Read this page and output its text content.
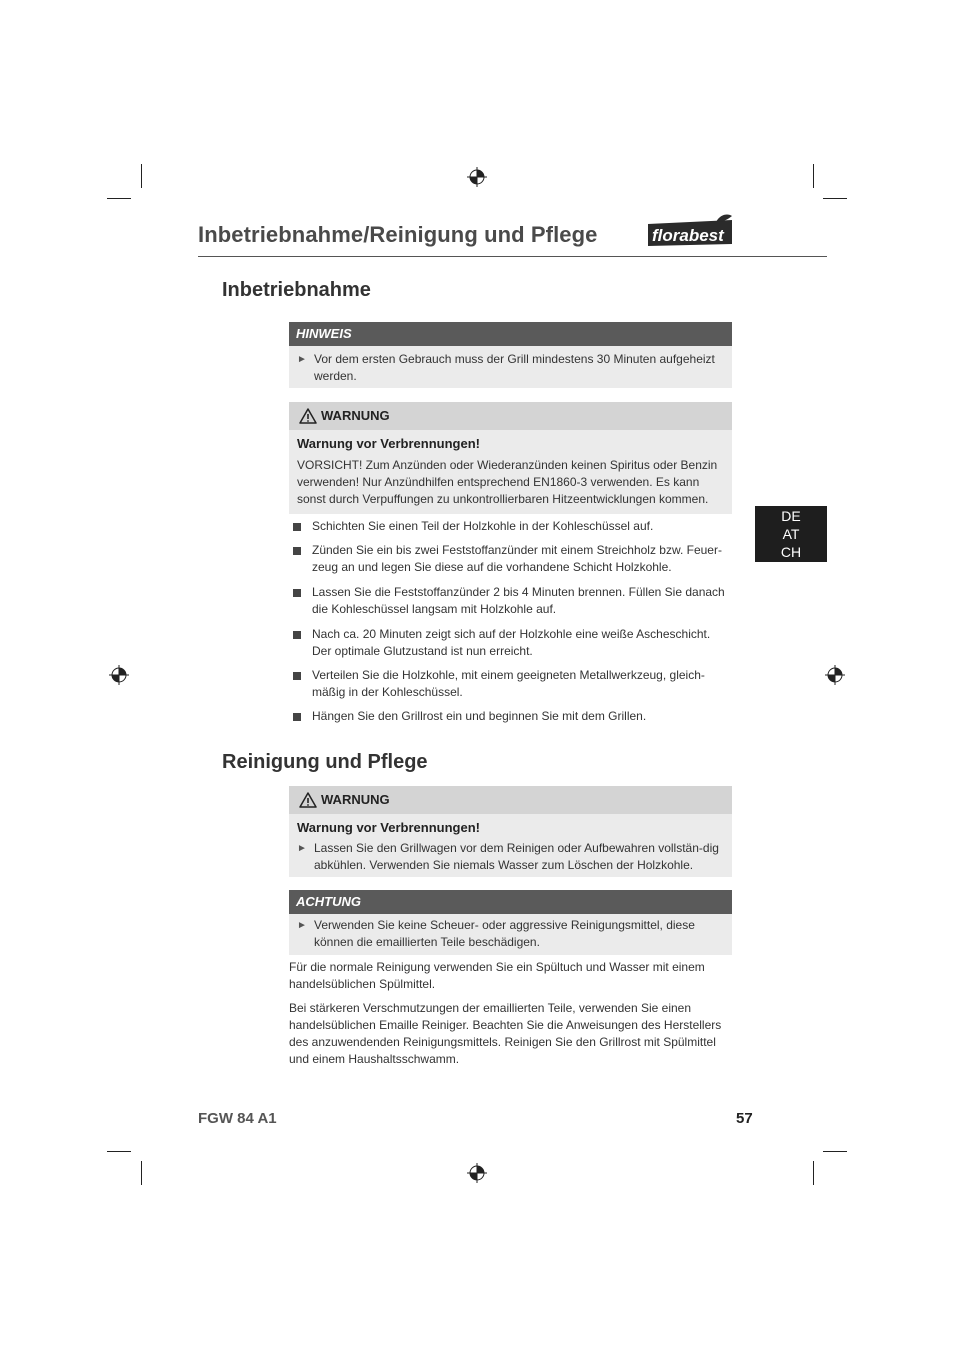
Inbetriebnahme/Reinigung und Pflege	florabest
Inbetriebnahme
HINWEIS
► Vor dem ersten Gebrauch muss der Grill mindestens 30 Minuten aufgeheizt werden.
WARNUNG
Warnung vor Verbrennungen!
VORSICHT! Zum Anzünden oder Wiederanzünden keinen Spiritus oder Benzin verwenden! Nur Anzündhilfen entsprechend EN1860-3 verwenden. Es kann sonst durch Verpuffungen zu unkontrollierbaren Hitzeentwicklungen kommen.
Schichten Sie einen Teil der Holzkohle in der Kohleschüssel auf.
Zünden Sie ein bis zwei Feststoffanzünder mit einem Streichholz bzw. Feuer-zeug an und legen Sie diese auf die vorhandene Schicht Holzkohle.
Lassen Sie die Feststoffanzünder 2 bis 4 Minuten brennen. Füllen Sie danach die Kohleschüssel langsam mit Holzkohle auf.
Nach ca. 20 Minuten zeigt sich auf der Holzkohle eine weiße Ascheschicht. Der optimale Glutzustand ist nun erreicht.
Verteilen Sie die Holzkohle, mit einem geeigneten Metallwerkzeug, gleich-mäßig in der Kohleschüssel.
Hängen Sie den Grillrost ein und beginnen Sie mit dem Grillen.
Reinigung und Pflege
WARNUNG
Warnung vor Verbrennungen!
► Lassen Sie den Grillwagen vor dem Reinigen oder Aufbewahren vollstän-dig abkühlen. Verwenden Sie niemals Wasser zum Löschen der Holzkohle.
ACHTUNG
► Verwenden Sie keine Scheuer- oder aggressive Reinigungsmittel, diese können die emaillierten Teile beschädigen.
Für die normale Reinigung verwenden Sie ein Spültuch und Wasser mit einem handelsüblichen Spülmittel.
Bei stärkeren Verschmutzungen der emaillierten Teile, verwenden Sie einen handelsüblichen Emaille Reiniger. Beachten Sie die Anweisungen des Herstellers des anzuwendenden Reinigungsmittels. Reinigen Sie den Grillrost mit Spülmittel und einem Haushaltsschwamm.
DE
AT
CH
FGW 84 A1	57
